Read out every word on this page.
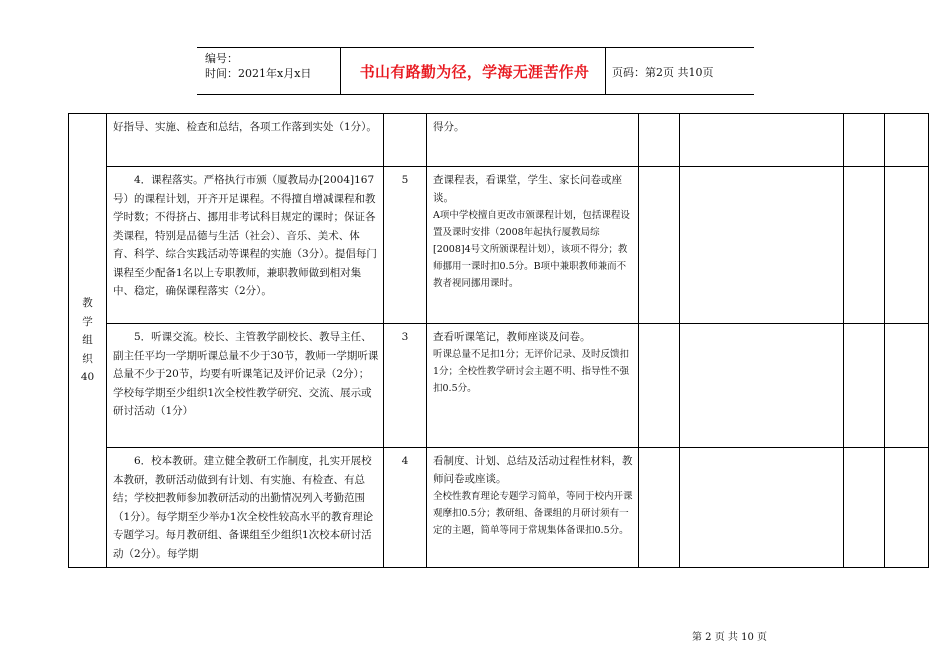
编号：
时间：2021年x月x日	书山有路勤为径，学海无涯苦作舟	页码：第2页 共10页
教
学
组
织
40	好指导、实施、检查和总结，各项工作落到实处（1分）。		得分。				

	4．课程落实。严格执行市颁（厦教局办[2004]167号）的课程计划，开齐开足课程。不得擅自增减课程和教学时数；不得挤占、挪用非考试科目规定的课时；保证各类课程，特别是品德与生活（社会）、音乐、美术、体育、科学、综合实践活动等课程的实施（3分）。提倡每门课程至少配备1名以上专职教师，兼职教师做到相对集中、稳定，确保课程落实（2分）。	5	查课程表，看课堂，学生、家长问卷或座谈。
A项中学校擅自更改市颁课程计划，包括课程设置及课时安排（2008年起执行厦教局综[2008]4号文所颁课程计划），该项不得分；教师挪用一课时扣0.5分。B项中兼职教师兼而不教者视同挪用课时。				

	5．听课交流。校长、主管教学副校长、教导主任、副主任平均一学期听课总量不少于30节，教师一学期听课总量不少于20节，均要有听课笔记及评价记录（2分）；学校每学期至少组织1次全校性教学研究、交流、展示或研讨活动（1分）	3	查看听课笔记，教师座谈及问卷。
听课总量不足扣1分；无评价记录、及时反馈扣1分；全校性教学研讨会主题不明、指导性不强扣0.5分。				

	6．校本教研。建立健全教研工作制度，扎实开展校本教研，教研活动做到有计划、有实施、有检查、有总结；学校把教师参加教研活动的出勤情况列入考勤范围（1分）。每学期至少举办1次全校性较高水平的教育理论专题学习。每月教研组、备课组至少组织1次校本研讨活动（2分）。每学期	4	看制度、计划、总结及活动过程性材料，教师问卷或座谈。
全校性教育理论专题学习简单，等同于校内开课观摩扣0.5分；教研组、备课组的月研讨须有一定的主题，简单等同于常规集体备课扣0.5分。				

第 2 页 共 10 页
